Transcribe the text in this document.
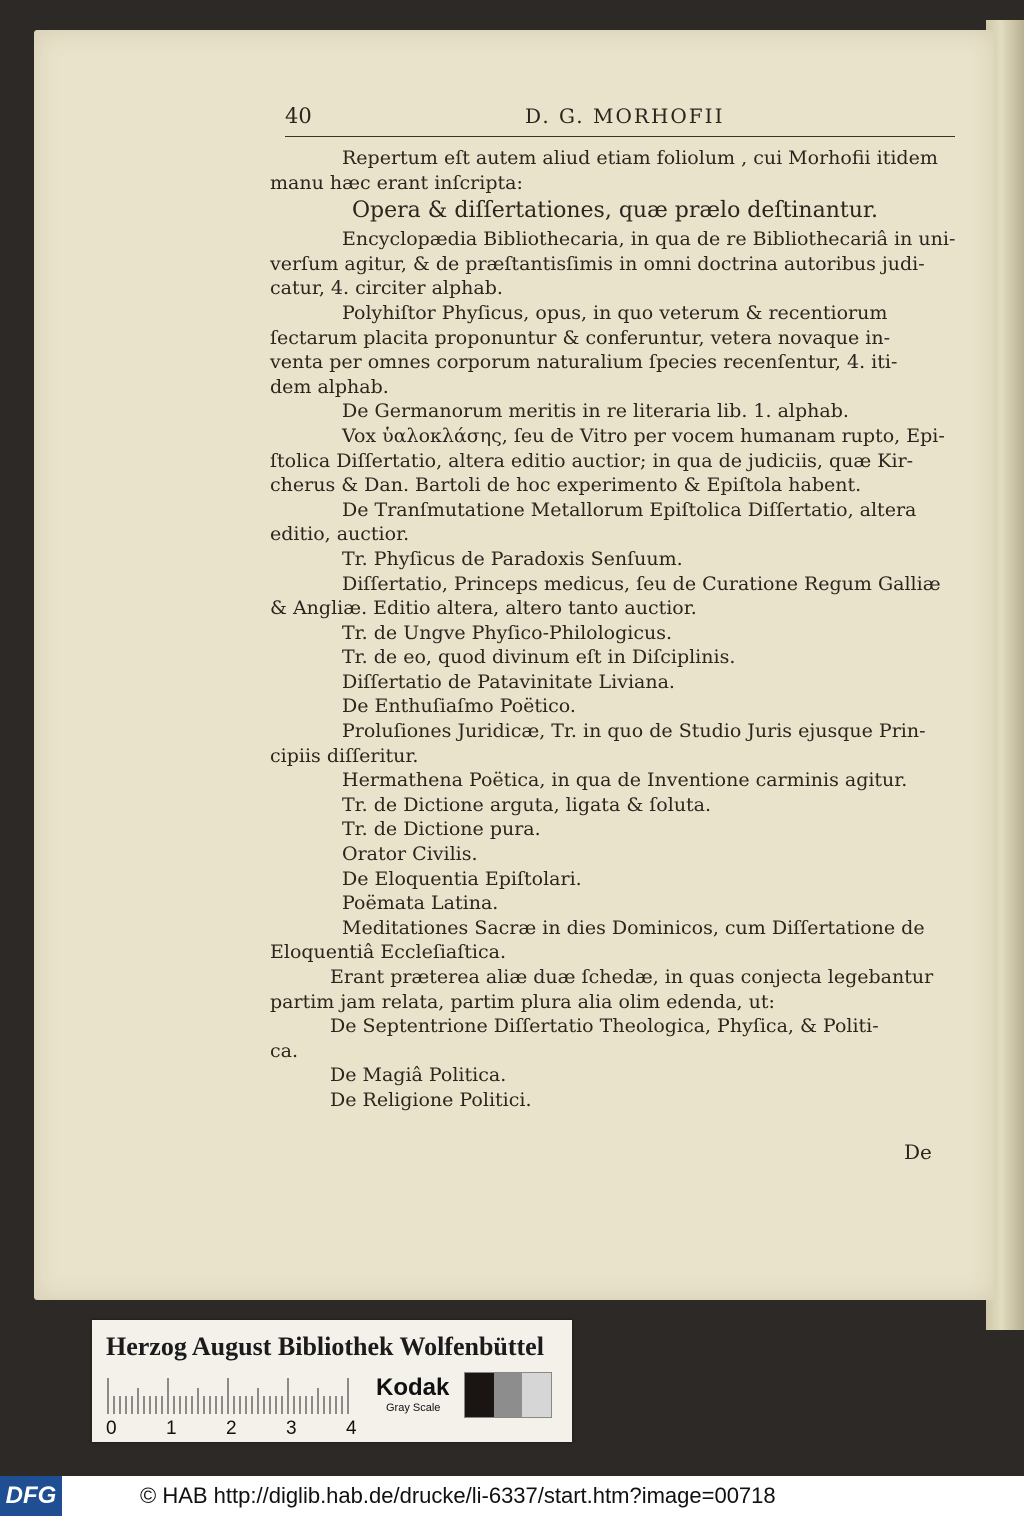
40	D. G. MORHOFII

Repertum eſt autem aliud etiam foliolum , cui Morhofii itidem

manu hæc erant inſcripta:

Opera & diſſertationes, quæ prælo deſtinantur.

Encyclopædia Bibliothecaria, in qua de re Bibliothecariâ in uni-

verſum agitur, & de præſtantisſimis in omni doctrina autoribus judi-

catur, 4. circiter alphab.

Polyhiſtor Phyſicus, opus, in quo veterum & recentiorum

ſectarum placita proponuntur & conferuntur, vetera novaque in-

venta per omnes corporum naturalium ſpecies recenſentur, 4. iti-

dem alphab.

De Germanorum meritis in re literaria lib. 1. alphab.

Vox ὑαλοκλάσης, ſeu de Vitro per vocem humanam rupto, Epi-

ſtolica Diſſertatio, altera editio auctior; in qua de judiciis, quæ Kir-

cherus & Dan. Bartoli de hoc experimento & Epiſtola habent.

De Tranſmutatione Metallorum Epiſtolica Diſſertatio, altera

editio, auctior.

Tr. Phyſicus de Paradoxis Senſuum.

Diſſertatio, Princeps medicus, ſeu de Curatione Regum Galliæ

& Angliæ. Editio altera, altero tanto auctior.

Tr. de Ungve Phyſico-Philologicus.

Tr. de eo, quod divinum eſt in Diſciplinis.

Diſſertatio de Patavinitate Liviana.

De Enthuſiaſmo Poëtico.

Proluſiones Juridicæ, Tr. in quo de Studio Juris ejusque Prin-

cipiis diſſeritur.

Hermathena Poëtica, in qua de Inventione carminis agitur.

Tr. de Dictione arguta, ligata & ſoluta.

Tr. de Dictione pura.

Orator Civilis.

De Eloquentia Epiſtolari.

Poëmata Latina.

Meditationes Sacræ in dies Dominicos, cum Diſſertatione de

Eloquentiâ Eccleſiaſtica.

Erant præterea aliæ duæ ſchedæ, in quas conjecta legebantur

partim jam relata, partim plura alia olim edenda, ut:

De Septentrione Diſſertatio Theologica, Phyſica, & Politi-

ca.

De Magiâ Politica.

De Religione Politici.

De
Herzog August Bibliothek Wolfenbüttel
0	1	2	3	4
Kodak
Gray Scale
DFG	© HAB http://diglib.hab.de/drucke/li-6337/start.htm?image=00718
